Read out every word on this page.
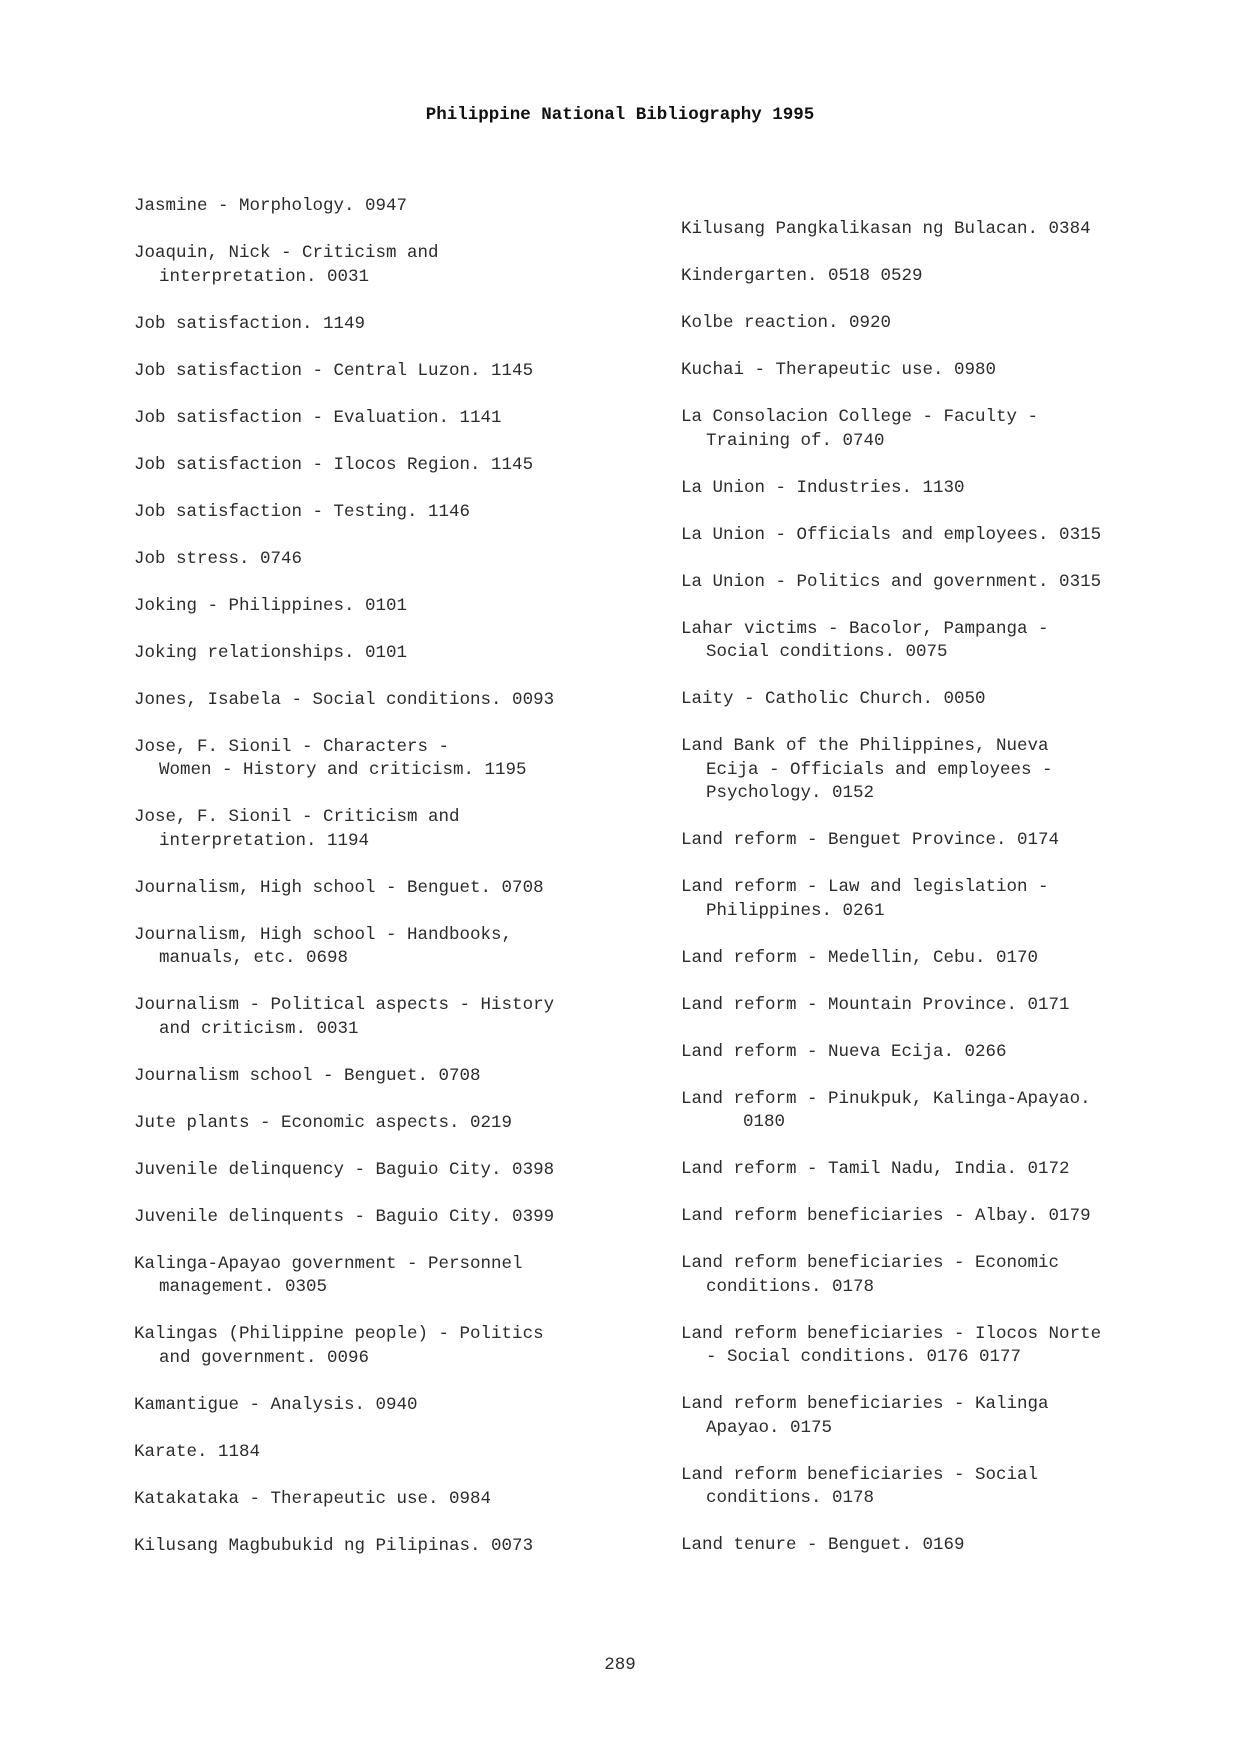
Philippine National Bibliography 1995
Jasmine - Morphology. 0947
Joaquin, Nick - Criticism and
interpretation. 0031
Job satisfaction. 1149
Job satisfaction - Central Luzon. 1145
Job satisfaction - Evaluation. 1141
Job satisfaction - Ilocos Region. 1145
Job satisfaction - Testing. 1146
Job stress. 0746
Joking - Philippines. 0101
Joking relationships. 0101
Jones, Isabela - Social conditions. 0093
Jose, F. Sionil - Characters -
Women - History and criticism. 1195
Jose, F. Sionil - Criticism and
interpretation. 1194
Journalism, High school - Benguet. 0708
Journalism, High school - Handbooks,
manuals, etc. 0698
Journalism - Political aspects - History
and criticism. 0031
Journalism school - Benguet. 0708
Jute plants - Economic aspects. 0219
Juvenile delinquency - Baguio City. 0398
Juvenile delinquents - Baguio City. 0399
Kalinga-Apayao government - Personnel
management. 0305
Kalingas (Philippine people) - Politics
and government. 0096
Kamantigue - Analysis. 0940
Karate. 1184
Katakataka - Therapeutic use. 0984
Kilusang Magbubukid ng Pilipinas. 0073
Kilusang Pangkalikasan ng Bulacan. 0384
Kindergarten. 0518 0529
Kolbe reaction. 0920
Kuchai - Therapeutic use. 0980
La Consolacion College - Faculty -
Training of. 0740
La Union - Industries. 1130
La Union - Officials and employees. 0315
La Union - Politics and government. 0315
Lahar victims - Bacolor, Pampanga -
Social conditions. 0075
Laity - Catholic Church. 0050
Land Bank of the Philippines, Nueva
Ecija - Officials and employees -
Psychology. 0152
Land reform - Benguet Province. 0174
Land reform - Law and legislation -
Philippines. 0261
Land reform - Medellin, Cebu. 0170
Land reform - Mountain Province. 0171
Land reform - Nueva Ecija. 0266
Land reform - Pinukpuk, Kalinga-Apayao.
0180
Land reform - Tamil Nadu, India. 0172
Land reform beneficiaries - Albay. 0179
Land reform beneficiaries - Economic
conditions. 0178
Land reform beneficiaries - Ilocos Norte
- Social conditions. 0176 0177
Land reform beneficiaries - Kalinga
Apayao. 0175
Land reform beneficiaries - Social
conditions. 0178
Land tenure - Benguet. 0169
289
